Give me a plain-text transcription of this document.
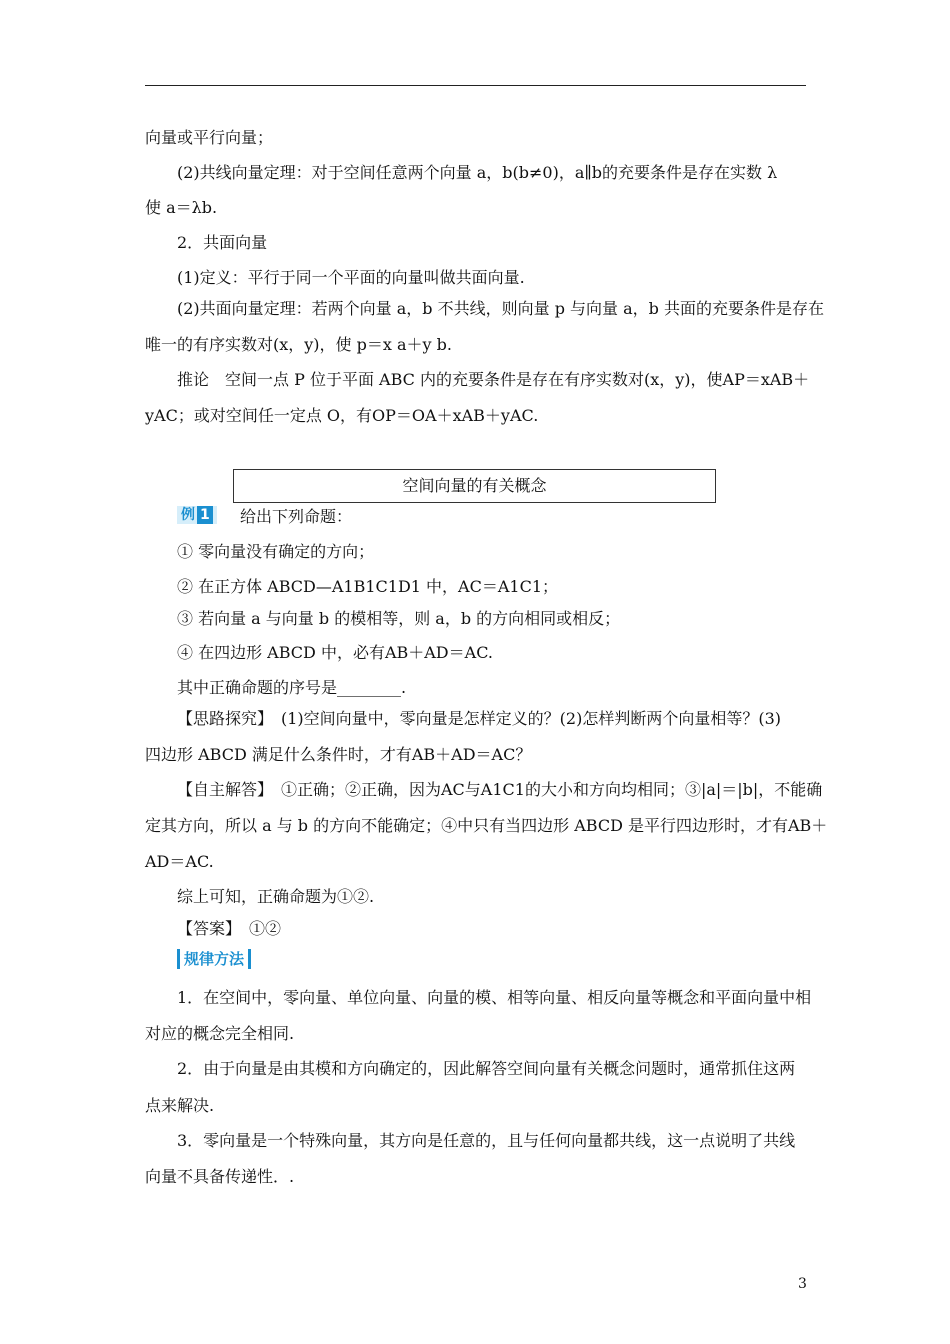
向量或平行向量；
(2)共线向量定理：对于空间任意两个向量 a，b(b≠0)，a∥b的充要条件是存在实数 λ
使 a＝λb.
2．共面向量
(1)定义：平行于同一个平面的向量叫做共面向量.
(2)共面向量定理：若两个向量 a，b 不共线，则向量 p 与向量 a，b 共面的充要条件是存在
唯一的有序实数对(x，y)，使 p＝x a＋y b.
推论　空间一点 P 位于平面 ABC 内的充要条件是存在有序实数对(x，y)，使AP＝xAB＋
yAC；或对空间任一定点 O，有OP＝OA＋xAB＋yAC.
空间向量的有关概念
例 1	给出下列命题：
① 零向量没有确定的方向；
② 在正方体 ABCD—A1B1C1D1 中，AC＝A1C1；
③ 若向量 a 与向量 b 的模相等，则 a，b 的方向相同或相反；
④ 在四边形 ABCD 中，必有AB＋AD＝AC.
其中正确命题的序号是________.
【思路探究】　(1)空间向量中，零向量是怎样定义的？(2)怎样判断两个向量相等？(3)
四边形 ABCD 满足什么条件时，才有AB＋AD＝AC？
【自主解答】　①正确；②正确，因为AC与A1C1的大小和方向均相同；③|a|＝|b|，不能确
定其方向，所以 a 与 b 的方向不能确定；④中只有当四边形 ABCD 是平行四边形时，才有AB＋
AD＝AC.
综上可知，正确命题为①②.
【答案】　①②
规律方法
1．在空间中，零向量、单位向量、向量的模、相等向量、相反向量等概念和平面向量中相
对应的概念完全相同.
2．由于向量是由其模和方向确定的，因此解答空间向量有关概念问题时，通常抓住这两
点来解决.
3．零向量是一个特殊向量，其方向是任意的，且与任何向量都共线，这一点说明了共线
向量不具备传递性．.
3
